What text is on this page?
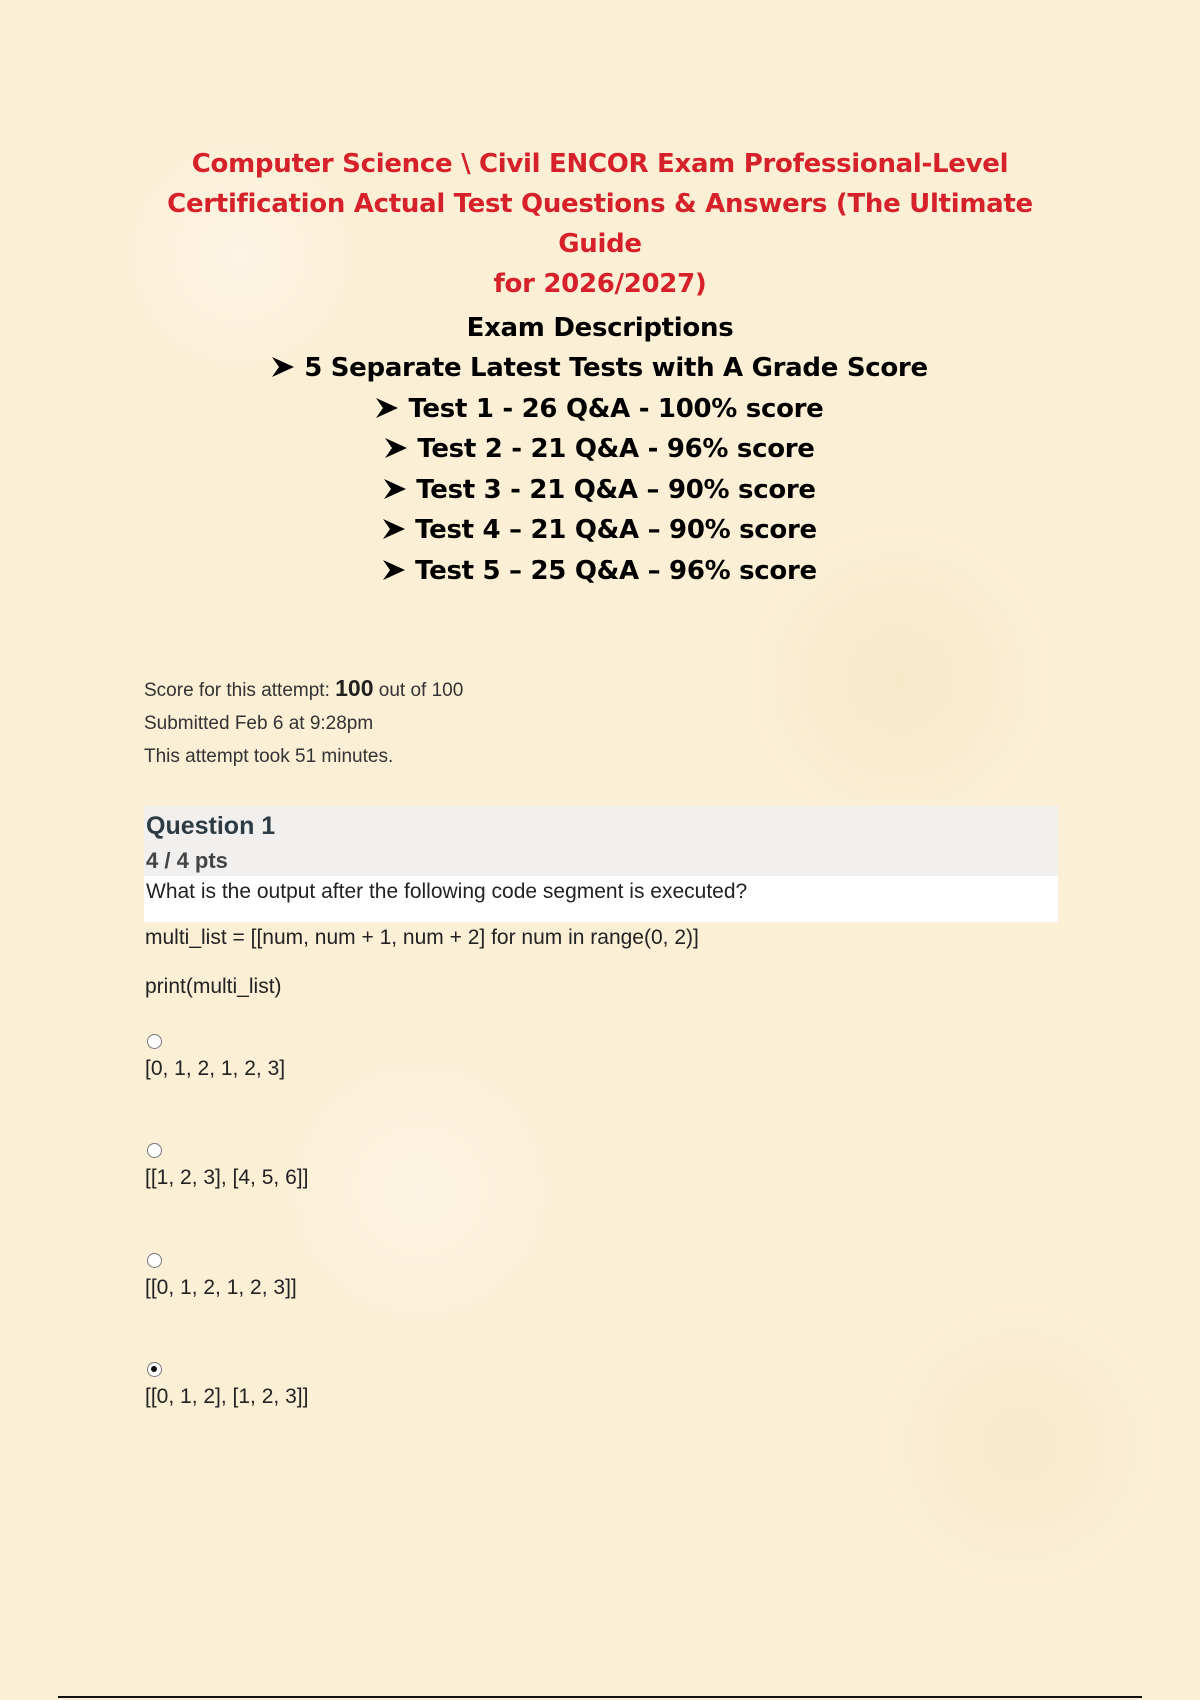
Computer Science \ Civil ENCOR Exam Professional-Level
Certification Actual Test Questions & Answers (The Ultimate Guide
for 2026/2027)
Exam Descriptions
5 Separate Latest Tests with A Grade Score
Test 1 - 26 Q&A - 100% score
Test 2 - 21 Q&A - 96% score
Test 3 - 21 Q&A – 90% score
Test 4 – 21 Q&A – 90% score
Test 5 – 25 Q&A – 96% score
Score for this attempt: 100 out of 100
Submitted Feb 6 at 9:28pm
This attempt took 51 minutes.
Question 1
4 / 4 pts
What is the output after the following code segment is executed?
multi_list = [[num, num + 1, num + 2] for num in range(0, 2)]
print(multi_list)
[0, 1, 2, 1, 2, 3]
[[1, 2, 3], [4, 5, 6]]
[[0, 1, 2, 1, 2, 3]]
[[0, 1, 2], [1, 2, 3]]
